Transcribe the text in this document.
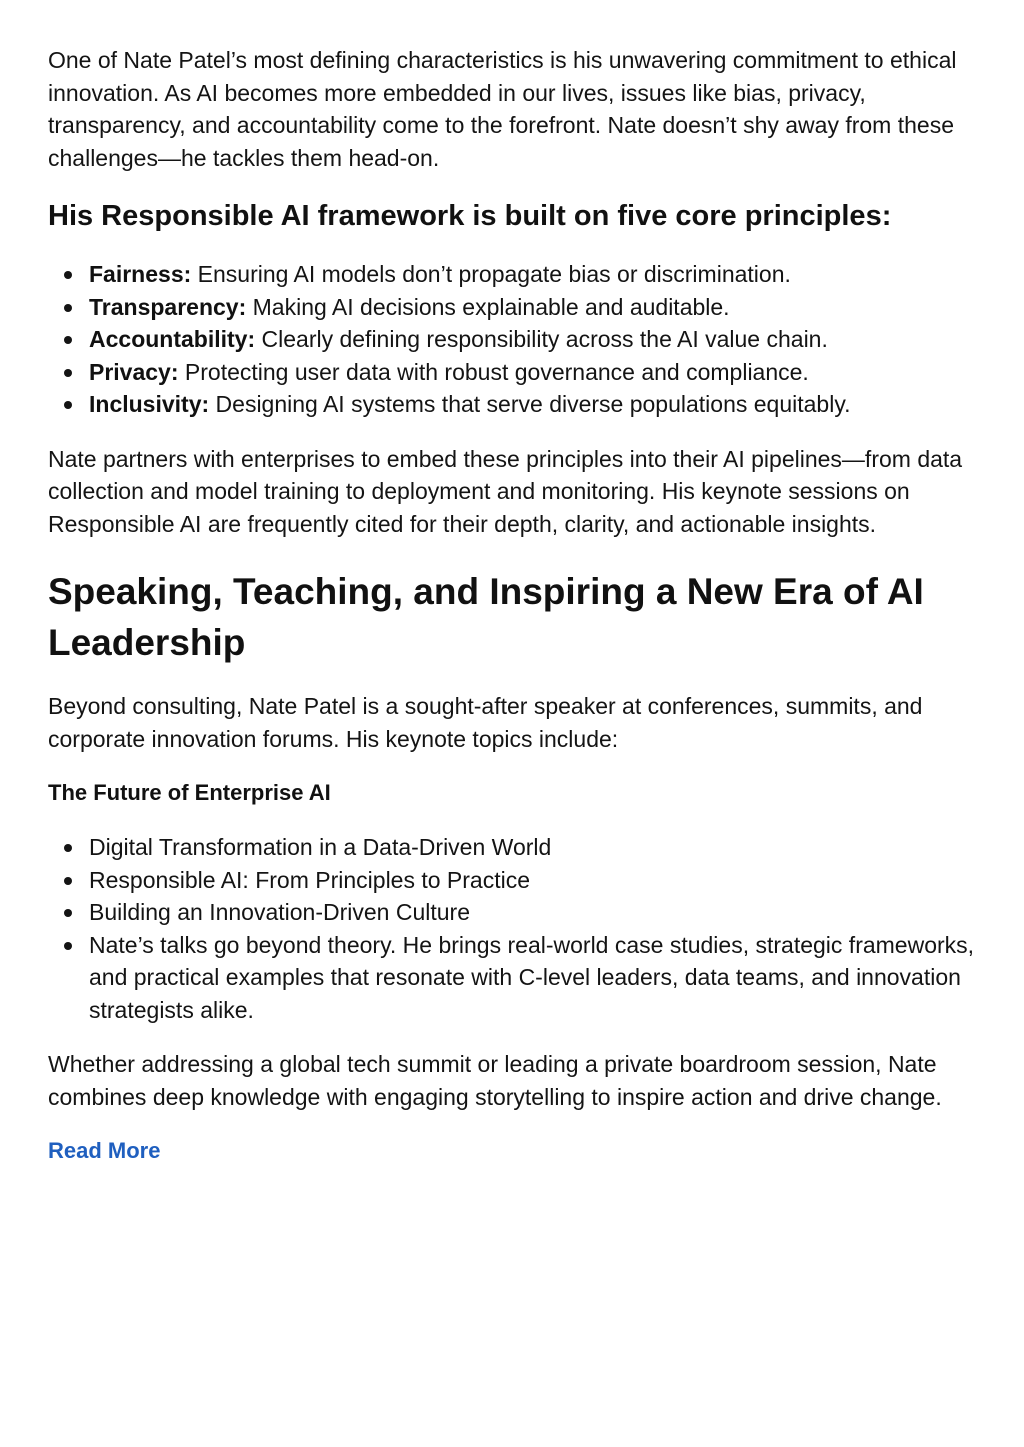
One of Nate Patel’s most defining characteristics is his unwavering commitment to ethical innovation. As AI becomes more embedded in our lives, issues like bias, privacy, transparency, and accountability come to the forefront. Nate doesn’t shy away from these challenges—he tackles them head-on.

His Responsible AI framework is built on five core principles:
Fairness: Ensuring AI models don’t propagate bias or discrimination.
Transparency: Making AI decisions explainable and auditable.
Accountability: Clearly defining responsibility across the AI value chain.
Privacy: Protecting user data with robust governance and compliance.
Inclusivity: Designing AI systems that serve diverse populations equitably.

Nate partners with enterprises to embed these principles into their AI pipelines—from data collection and model training to deployment and monitoring. His keynote sessions on Responsible AI are frequently cited for their depth, clarity, and actionable insights.

Speaking, Teaching, and Inspiring a New Era of AI Leadership

Beyond consulting, Nate Patel is a sought-after speaker at conferences, summits, and corporate innovation forums. His keynote topics include:

The Future of Enterprise AI
Digital Transformation in a Data-Driven World
Responsible AI: From Principles to Practice
Building an Innovation-Driven Culture
Nate’s talks go beyond theory. He brings real-world case studies, strategic frameworks, and practical examples that resonate with C-level leaders, data teams, and innovation strategists alike.

Whether addressing a global tech summit or leading a private boardroom session, Nate combines deep knowledge with engaging storytelling to inspire action and drive change.

Read More
